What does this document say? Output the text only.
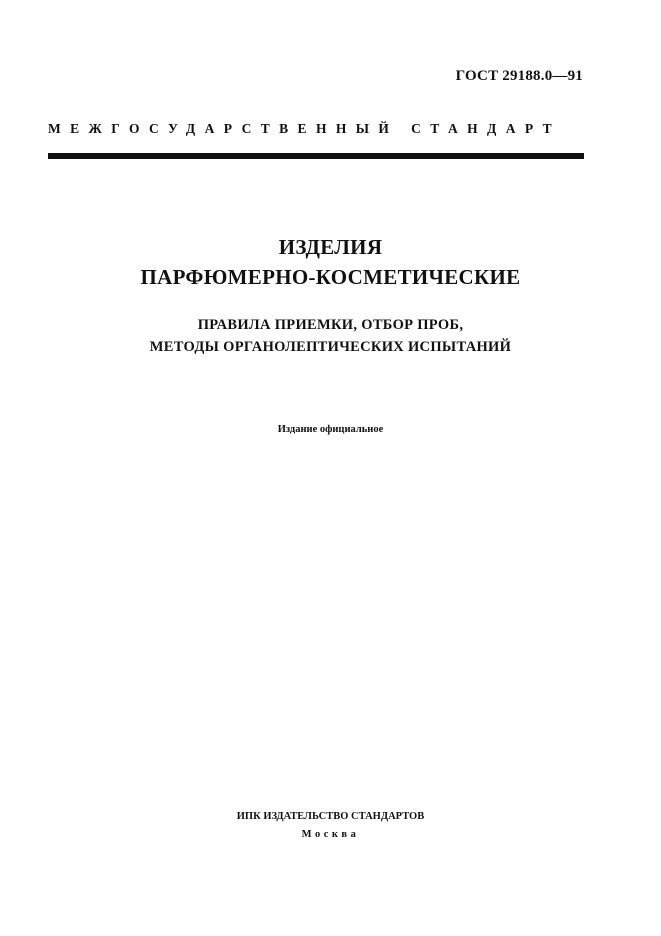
ГОСТ 29188.0—91
МЕЖГОСУДАРСТВЕННЫЙ СТАНДАРТ
ИЗДЕЛИЯ
ПАРФЮМЕРНО-КОСМЕТИЧЕСКИЕ
ПРАВИЛА ПРИЕМКИ, ОТБОР ПРОБ,
МЕТОДЫ ОРГАНОЛЕПТИЧЕСКИХ ИСПЫТАНИЙ
Издание официальное
ИПК ИЗДАТЕЛЬСТВО СТАНДАРТОВ
Москва
